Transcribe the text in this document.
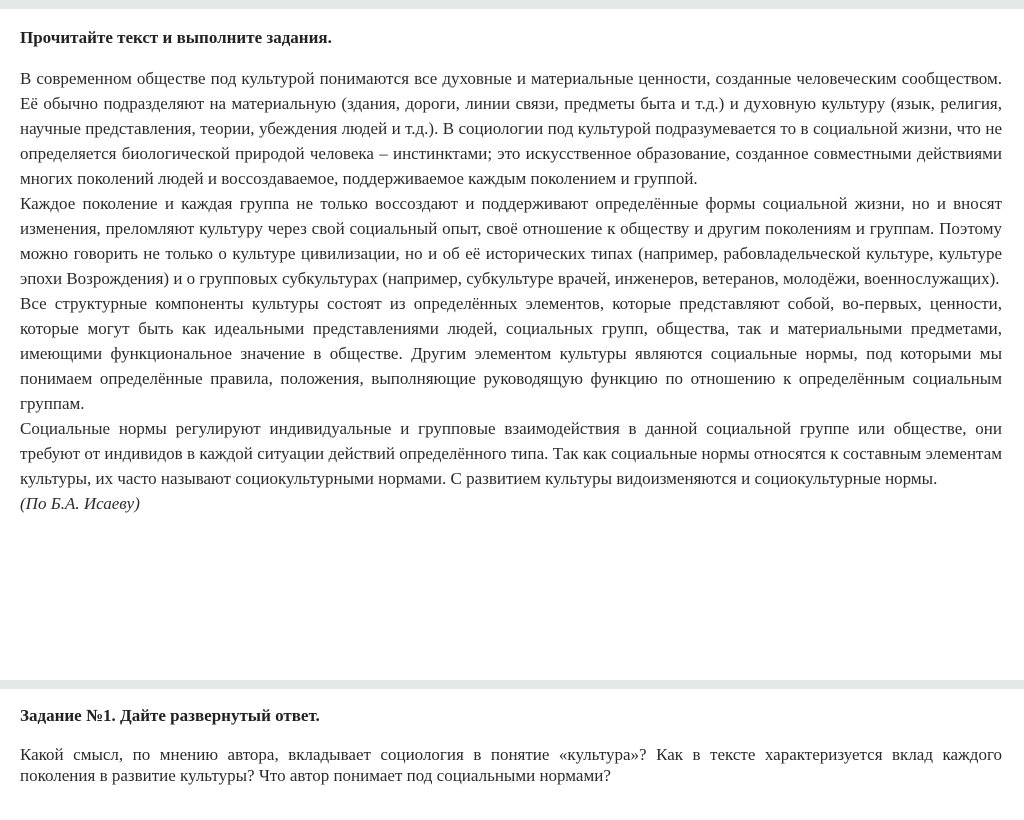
Прочитайте текст и выполните задания.

В современном обществе под культурой понимаются все духовные и материальные ценности, созданные человеческим сообществом. Её обычно подразделяют на материальную (здания, дороги, линии связи, предметы быта и т.д.) и духовную культуру (язык, религия, научные представления, теории, убеждения людей и т.д.). В социологии под культурой подразумевается то в социальной жизни, что не определяется биологической природой человека – инстинктами; это искусственное образование, созданное совместными действиями многих поколений людей и воссоздаваемое, поддерживаемое каждым поколением и группой.

Каждое поколение и каждая группа не только воссоздают и поддерживают определённые формы социальной жизни, но и вносят изменения, преломляют культуру через свой социальный опыт, своё отношение к обществу и другим поколениям и группам. Поэтому можно говорить не только о культуре цивилизации, но и об её исторических типах (например, рабовладельческой культуре, культуре эпохи Возрождения) и о групповых субкультурах (например, субкультуре врачей, инженеров, ветеранов, молодёжи, военнослужащих).

Все структурные компоненты культуры состоят из определённых элементов, которые представляют собой, во-первых, ценности, которые могут быть как идеальными представлениями людей, социальных групп, общества, так и материальными предметами, имеющими функциональное значение в обществе. Другим элементом культуры являются социальные нормы, под которыми мы понимаем определённые правила, положения, выполняющие руководящую функцию по отношению к определённым социальным группам.

Социальные нормы регулируют индивидуальные и групповые взаимодействия в данной социальной группе или обществе, они требуют от индивидов в каждой ситуации действий определённого типа. Так как социальные нормы относятся к составным элементам культуры, их часто называют социокультурными нормами. С развитием культуры видоизменяются и социокультурные нормы.

(По Б.А. Исаеву)
Задание №1. Дайте развернутый ответ.
Какой смысл, по мнению автора, вкладывает социология в понятие «культура»? Как в тексте характеризуется вклад каждого поколения в развитие культуры? Что автор понимает под социальными нормами?
